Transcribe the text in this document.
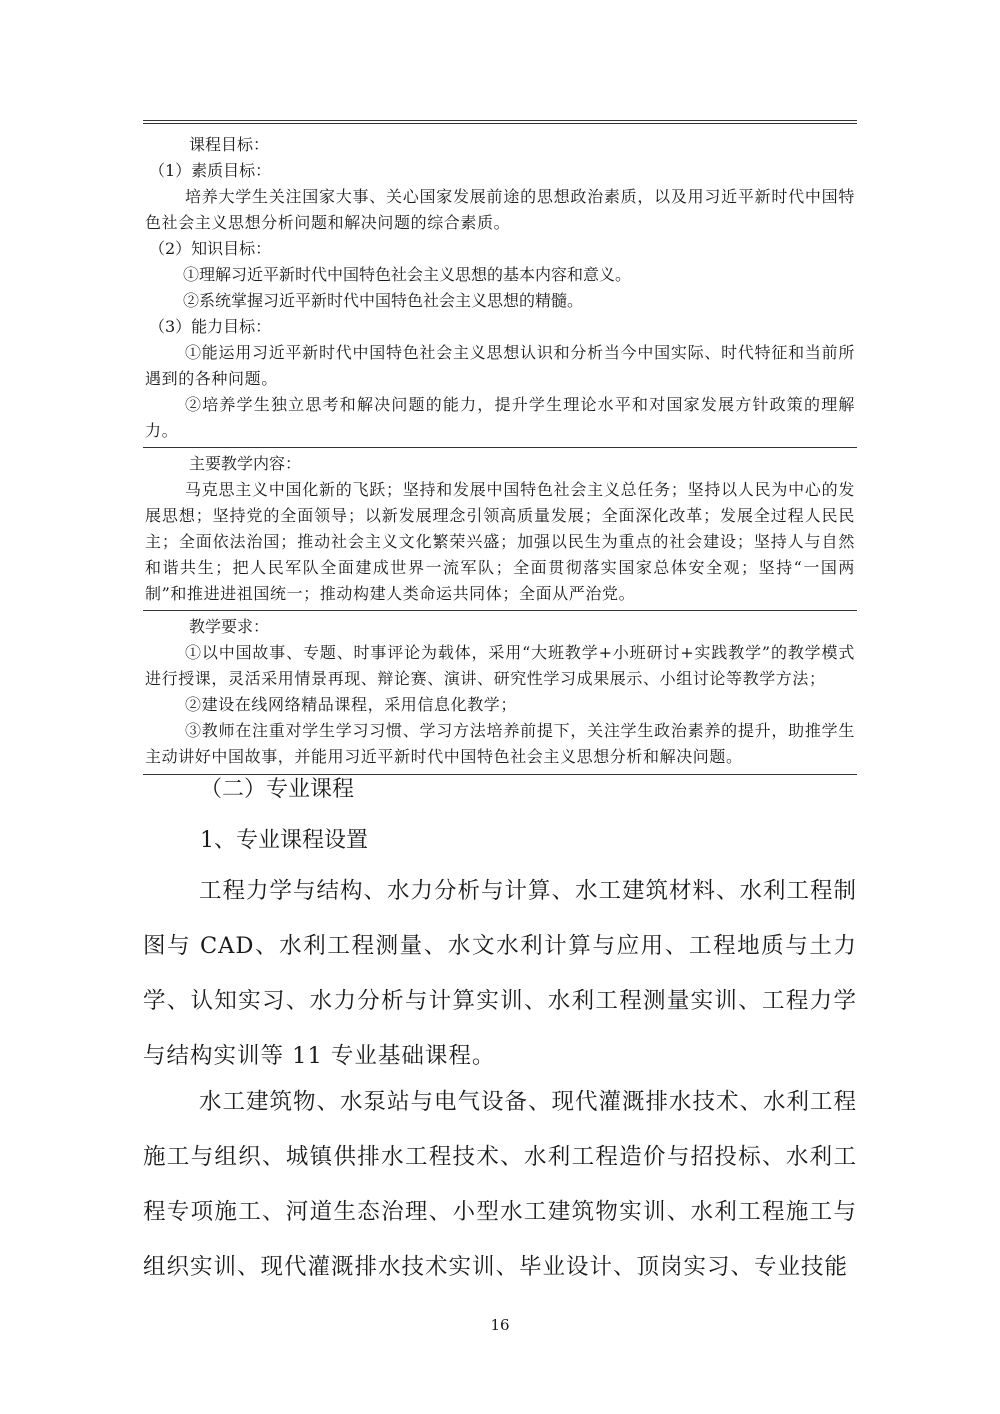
课程目标：

（1）素质目标：

培养大学生关注国家大事、关心国家发展前途的思想政治素质，以及用习近平新时代中国特色社会主义思想分析问题和解决问题的综合素质。

（2）知识目标：

①理解习近平新时代中国特色社会主义思想的基本内容和意义。

②系统掌握习近平新时代中国特色社会主义思想的精髓。

（3）能力目标：

①能运用习近平新时代中国特色社会主义思想认识和分析当今中国实际、时代特征和当前所遇到的各种问题。

②培养学生独立思考和解决问题的能力，提升学生理论水平和对国家发展方针政策的理解力。

主要教学内容：

马克思主义中国化新的飞跃；坚持和发展中国特色社会主义总任务；坚持以人民为中心的发展思想；坚持党的全面领导；以新发展理念引领高质量发展；全面深化改革；发展全过程人民民主；全面依法治国；推动社会主义文化繁荣兴盛；加强以民生为重点的社会建设；坚持人与自然和谐共生；把人民军队全面建成世界一流军队；全面贯彻落实国家总体安全观；坚持“一国两制”和推进进祖国统一；推动构建人类命运共同体；全面从严治党。

教学要求：

①以中国故事、专题、时事评论为载体，采用“大班教学+小班研讨+实践教学”的教学模式进行授课，灵活采用情景再现、辩论赛、演讲、研究性学习成果展示、小组讨论等教学方法；

②建设在线网络精品课程，采用信息化教学；

③教师在注重对学生学习习惯、学习方法培养前提下，关注学生政治素养的提升，助推学生主动讲好中国故事，并能用习近平新时代中国特色社会主义思想分析和解决问题。

（二）专业课程
1、专业课程设置

工程力学与结构、水力分析与计算、水工建筑材料、水利工程制图与 CAD、水利工程测量、水文水利计算与应用、工程地质与土力学、认知实习、水力分析与计算实训、水利工程测量实训、工程力学与结构实训等 11 专业基础课程。

水工建筑物、水泵站与电气设备、现代灌溉排水技术、水利工程施工与组织、城镇供排水工程技术、水利工程造价与招投标、水利工程专项施工、河道生态治理、小型水工建筑物实训、水利工程施工与组织实训、现代灌溉排水技术实训、毕业设计、顶岗实习、专业技能

16
